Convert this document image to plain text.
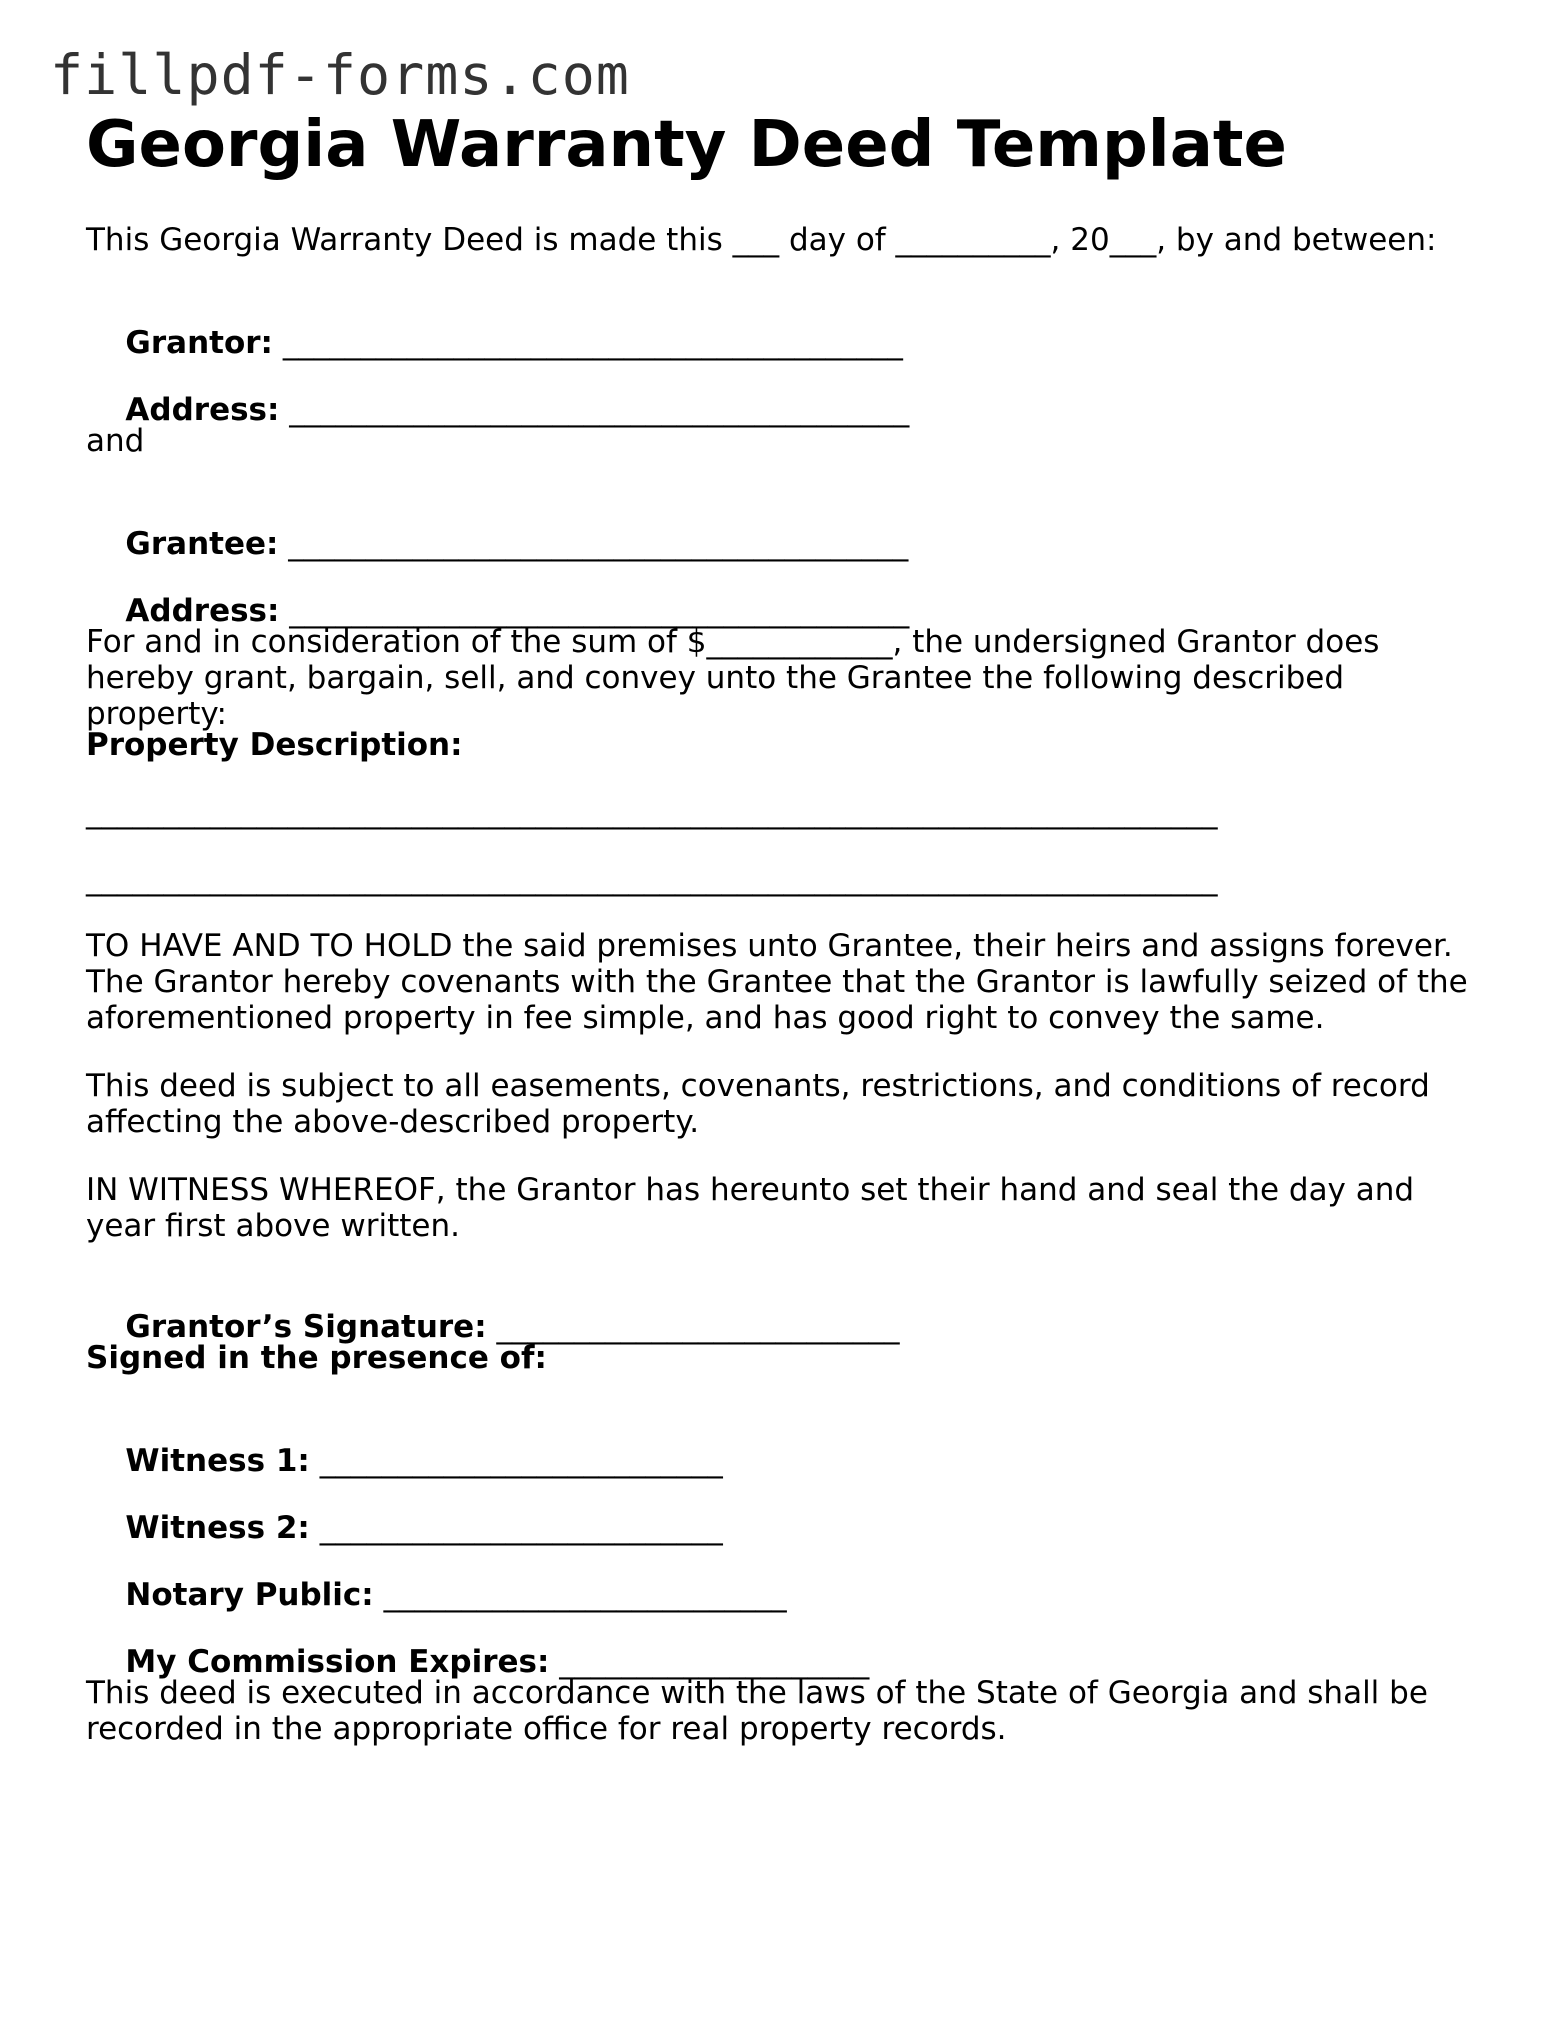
fillpdf-forms.com
Georgia Warranty Deed Template
This Georgia Warranty Deed is made this ___ day of __________, 20___, by and between:

Grantor: ________________________________________

Address: ________________________________________

and

Grantee: ________________________________________

Address: ________________________________________

For and in consideration of the sum of $____________, the undersigned Grantor does hereby grant, bargain, sell, and convey unto the Grantee the following described property:

Property Description:
_________________________________________________________________________
_________________________________________________________________________

TO HAVE AND TO HOLD the said premises unto Grantee, their heirs and assigns forever. The Grantor hereby covenants with the Grantee that the Grantor is lawfully seized of the aforementioned property in fee simple, and has good right to convey the same.

This deed is subject to all easements, covenants, restrictions, and conditions of record affecting the above-described property.

IN WITNESS WHEREOF, the Grantor has hereunto set their hand and seal the day and year first above written.

Grantor’s Signature: __________________________

Signed in the presence of:

Witness 1: __________________________

Witness 2: __________________________

Notary Public: __________________________

My Commission Expires: ____________________

This deed is executed in accordance with the laws of the State of Georgia and shall be recorded in the appropriate office for real property records.
